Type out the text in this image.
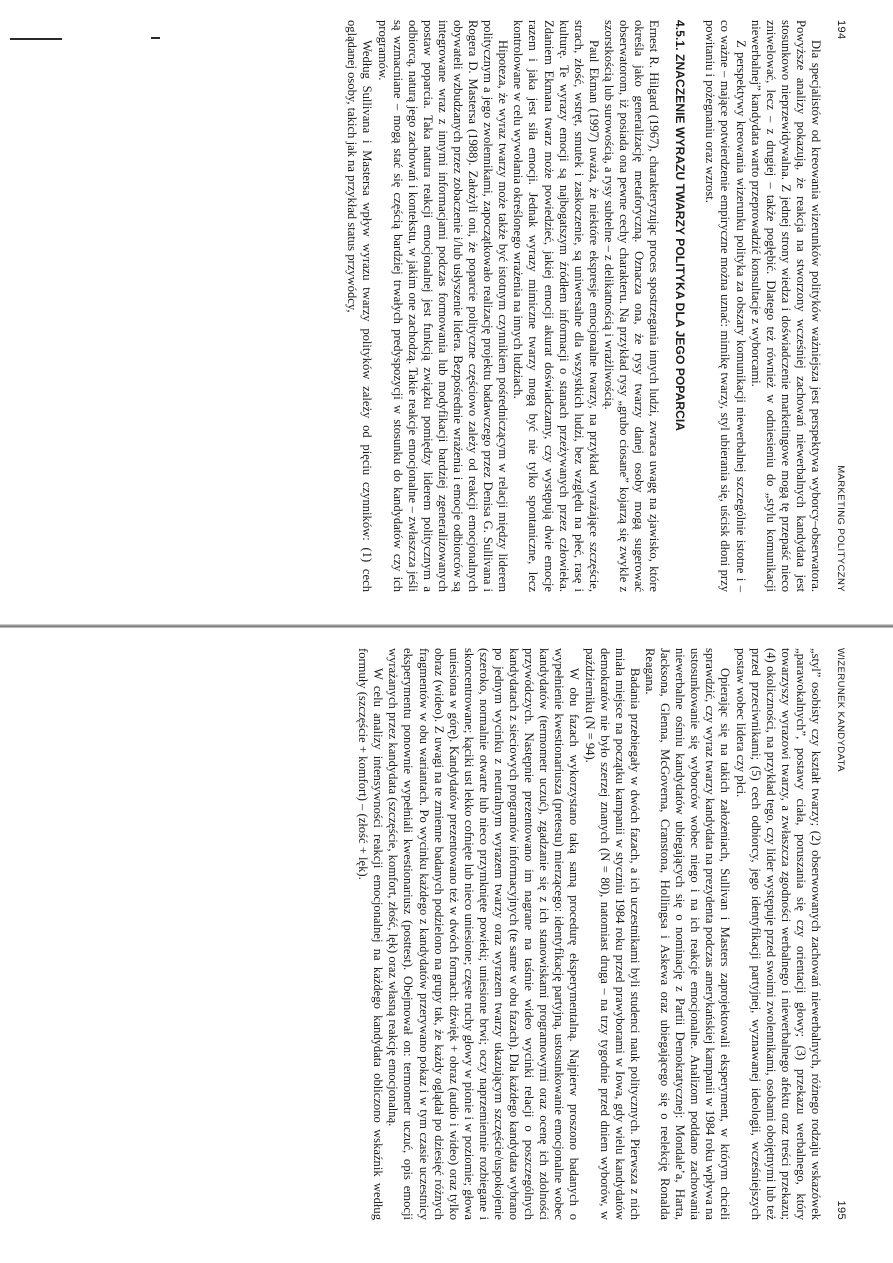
194
MARKETING POLITYCZNY

Dla specjalistów od kreowania wizerunków polityków ważniejsza jest perspektywa wyborcy–obserwatora. Powyższe analizy pokazują, że reakcja na stworzony wcześniej zachowań niewerbalnych kandydata jest stosunkowo nieprzewidywalna. Z jednej strony wiedza i doświadczenie marketingowe mogą tę przepaść nieco zniwelować, lecz – z drugiej – także pogłębić. Dlatego też również w odniesieniu do „stylu komunikacji niewerbalnej” kandydata warto przeprowadzić konsultacje z wyborcami.

Z perspektywy kreowania wizerunku polityka za obszary komunikacji niewerbalnej szczególnie istotne i – co ważne – mające potwierdzenie empiryczne można uznać: mimikę twarzy, styl ubierania się, uścisk dłoni przy powitaniu i pożegnaniu oraz wzrost.

4.5.1. ZNACZENIE WYRAZU TWARZY POLITYKA DLA JEGO POPARCIA

Ernest R. Hilgard (1967), charakteryzując proces spostrzegania innych ludzi, zwraca uwagę na zjawisko, które określa jako generalizację metaforyczną. Oznacza ona, że rysy twarzy danej osoby mogą sugerować obserwatorom, iż posiada ona pewne cechy charakteru. Na przykład rysy „grubo ciosane” kojarzą się zwykle z szorstkością lub surowością, a rysy subtelne – z delikatnością i wrażliwością.

Paul Ekman (1997) uważa, że niektóre ekspresje emocjonalne twarzy, na przykład wyrażające szczęście, strach, złość, wstręt, smutek i zaskoczenie, są uniwersalne dla wszystkich ludzi, bez względu na płeć, rasę i kulturę. Te wyrazy emocji są najbogatszym źródłem informacji o stanach przeżywanych przez człowieka. Zdaniem Ekmana twarz może powiedzieć, jakiej emocji akurat doświadczamy, czy występują dwie emocje razem i jaka jest siła emocji. Jednak wyrazy mimiczne twarzy mogą być nie tylko spontaniczne, lecz kontrolowane w celu wywołania określonego wrażenia na innych ludziach.

Hipoteza, że wyraz twarzy może także być istotnym czynnikiem pośredniczącym w relacji między liderem politycznym a jego zwolennikami, zapoczątkowało realizację projektu badawczego przez Denisa G. Sullivana i Rogera D. Mastersa (1988). Założyli oni, że poparcie polityczne częściowo zależy od reakcji emocjonalnych obywateli wzbudzanych przez zobaczenie i/lub usłyszenie lidera. Bezpośrednie wrażenia i emocje odbiorców są integrowane wraz z innymi informacjami podczas formowania lub modyfikacji bardziej zgeneralizowanych postaw poparcia. Taka natura reakcji emocjonalnej jest funkcją związku pomiędzy liderem politycznym a odbiorcą, naturą jego zachowań i kontekstu, w jakim one zachodzą. Takie reakcje emocjonalne – zwłaszcza jeśli są wzmacniane – mogą stać się częścią bardziej trwałych predyspozycji w stosunku do kandydatów czy ich programów.

Według Sullivana i Mastersa wpływ wyrazu twarzy polityków zależy od pięciu czynników: (1) cech oglądanej osoby, takich jak na przykład status przywódcy,

WIZERUNEK KANDYDATA
195

„styl” osobisty czy kształt twarzy; (2) obserwowanych zachowań niewerbalnych, różnego rodzaju wskazówek „parawokalnych”, postawy ciała, poruszania się czy orientacji głowy; (3) przekazu werbalnego, który towarzyszy wyrazowi twarzy, a zwłaszcza zgodności werbalnego i niewerbalnego afektu oraz treści przekazu; (4) okoliczności, na przykład tego, czy lider występuje przed swoimi zwolennikami, osobami obojętnymi lub też przed przeciwnikami; (5) cech odbiorcy, jego identyfikacji partyjnej, wyznawanej ideologii, wcześniejszych postaw wobec lidera czy płci.

Opierając się na takich założeniach, Sullivan i Masters zaprojektowali eksperyment, w którym chcieli sprawdzić, czy wyraz twarzy kandydata na prezydenta podczas amerykańskiej kampanii w 1984 roku wpływa na ustosunkowanie się wyborców wobec niego i na ich reakcje emocjonalne. Analizom poddano zachowania niewerbalne ośmiu kandydatów ubiegających się o nominację z Partii Demokratycznej: Mondale’a, Harta, Jacksona, Glenna, McGoverna, Cranstona, Hollingsa i Askewa oraz ubiegającego się o reelekcję Ronalda Reagana.

Badania przebiegały w dwóch fazach, a ich uczestnikami byli studenci nauk politycznych. Pierwsza z nich miała miejsce na początku kampanii w styczniu 1984 roku przed prawyborami w Iowa, gdy wielu kandydatów demokratów nie było szerzej znanych (N = 80), natomiast druga – na trzy tygodnie przed dniem wyborów, w październiku (N = 94).

W obu fazach wykorzystano taką samą procedurę eksperymentalną. Najpierw proszono badanych o wypełnienie kwestionariusza (pretestu) mierzącego: identyfikację partyjną, ustosunkowanie emocjonalne wobec kandydatów (termometr uczuć), zgadzanie się z ich stanowiskami programowymi oraz ocenę ich zdolności przywódczych. Następnie prezentowano im nagrane na taśmie wideo wycinki relacji o poszczególnych kandydatach z sieciowych programów informacyjnych (te same w obu fazach). Dla każdego kandydata wybrano po jednym wycinku z neutralnym wyrazem twarzy oraz wyrazem twarzy ukazującym szczęście/uspokojenie (szeroko, normalnie otwarte lub nieco przymknięte powieki; uniesione brwi; oczy naprzemiennie rozbiegane i skoncentrowane; kąciki ust lekko cofnięte lub nieco uniesione; częste ruchy głowy w pionie i w poziomie; głowa uniesiona w górę). Kandydatów prezentowano też w dwóch formach: dźwięk + obraz (audio i wideo) oraz tylko obraz (wideo). Z uwagi na te zmienne badanych podzielono na grupy tak, że każdy oglądał po dziesięć różnych fragmentów w obu wariantach. Po wycinku każdego z kandydatów przerywano pokaz i w tym czasie uczestnicy eksperymentu ponownie wypełniali kwestionariusz (posttest). Obejmował on: termometr uczuć, opis emocji wyrażanych przez kandydata (szczęście, komfort, złość, lęk) oraz własną reakcję emocjonalną.

W celu analizy intensywności reakcji emocjonalnej na każdego kandydata obliczono wskaźnik według formuły (szczęście + komfort) – (złość + lęk).
